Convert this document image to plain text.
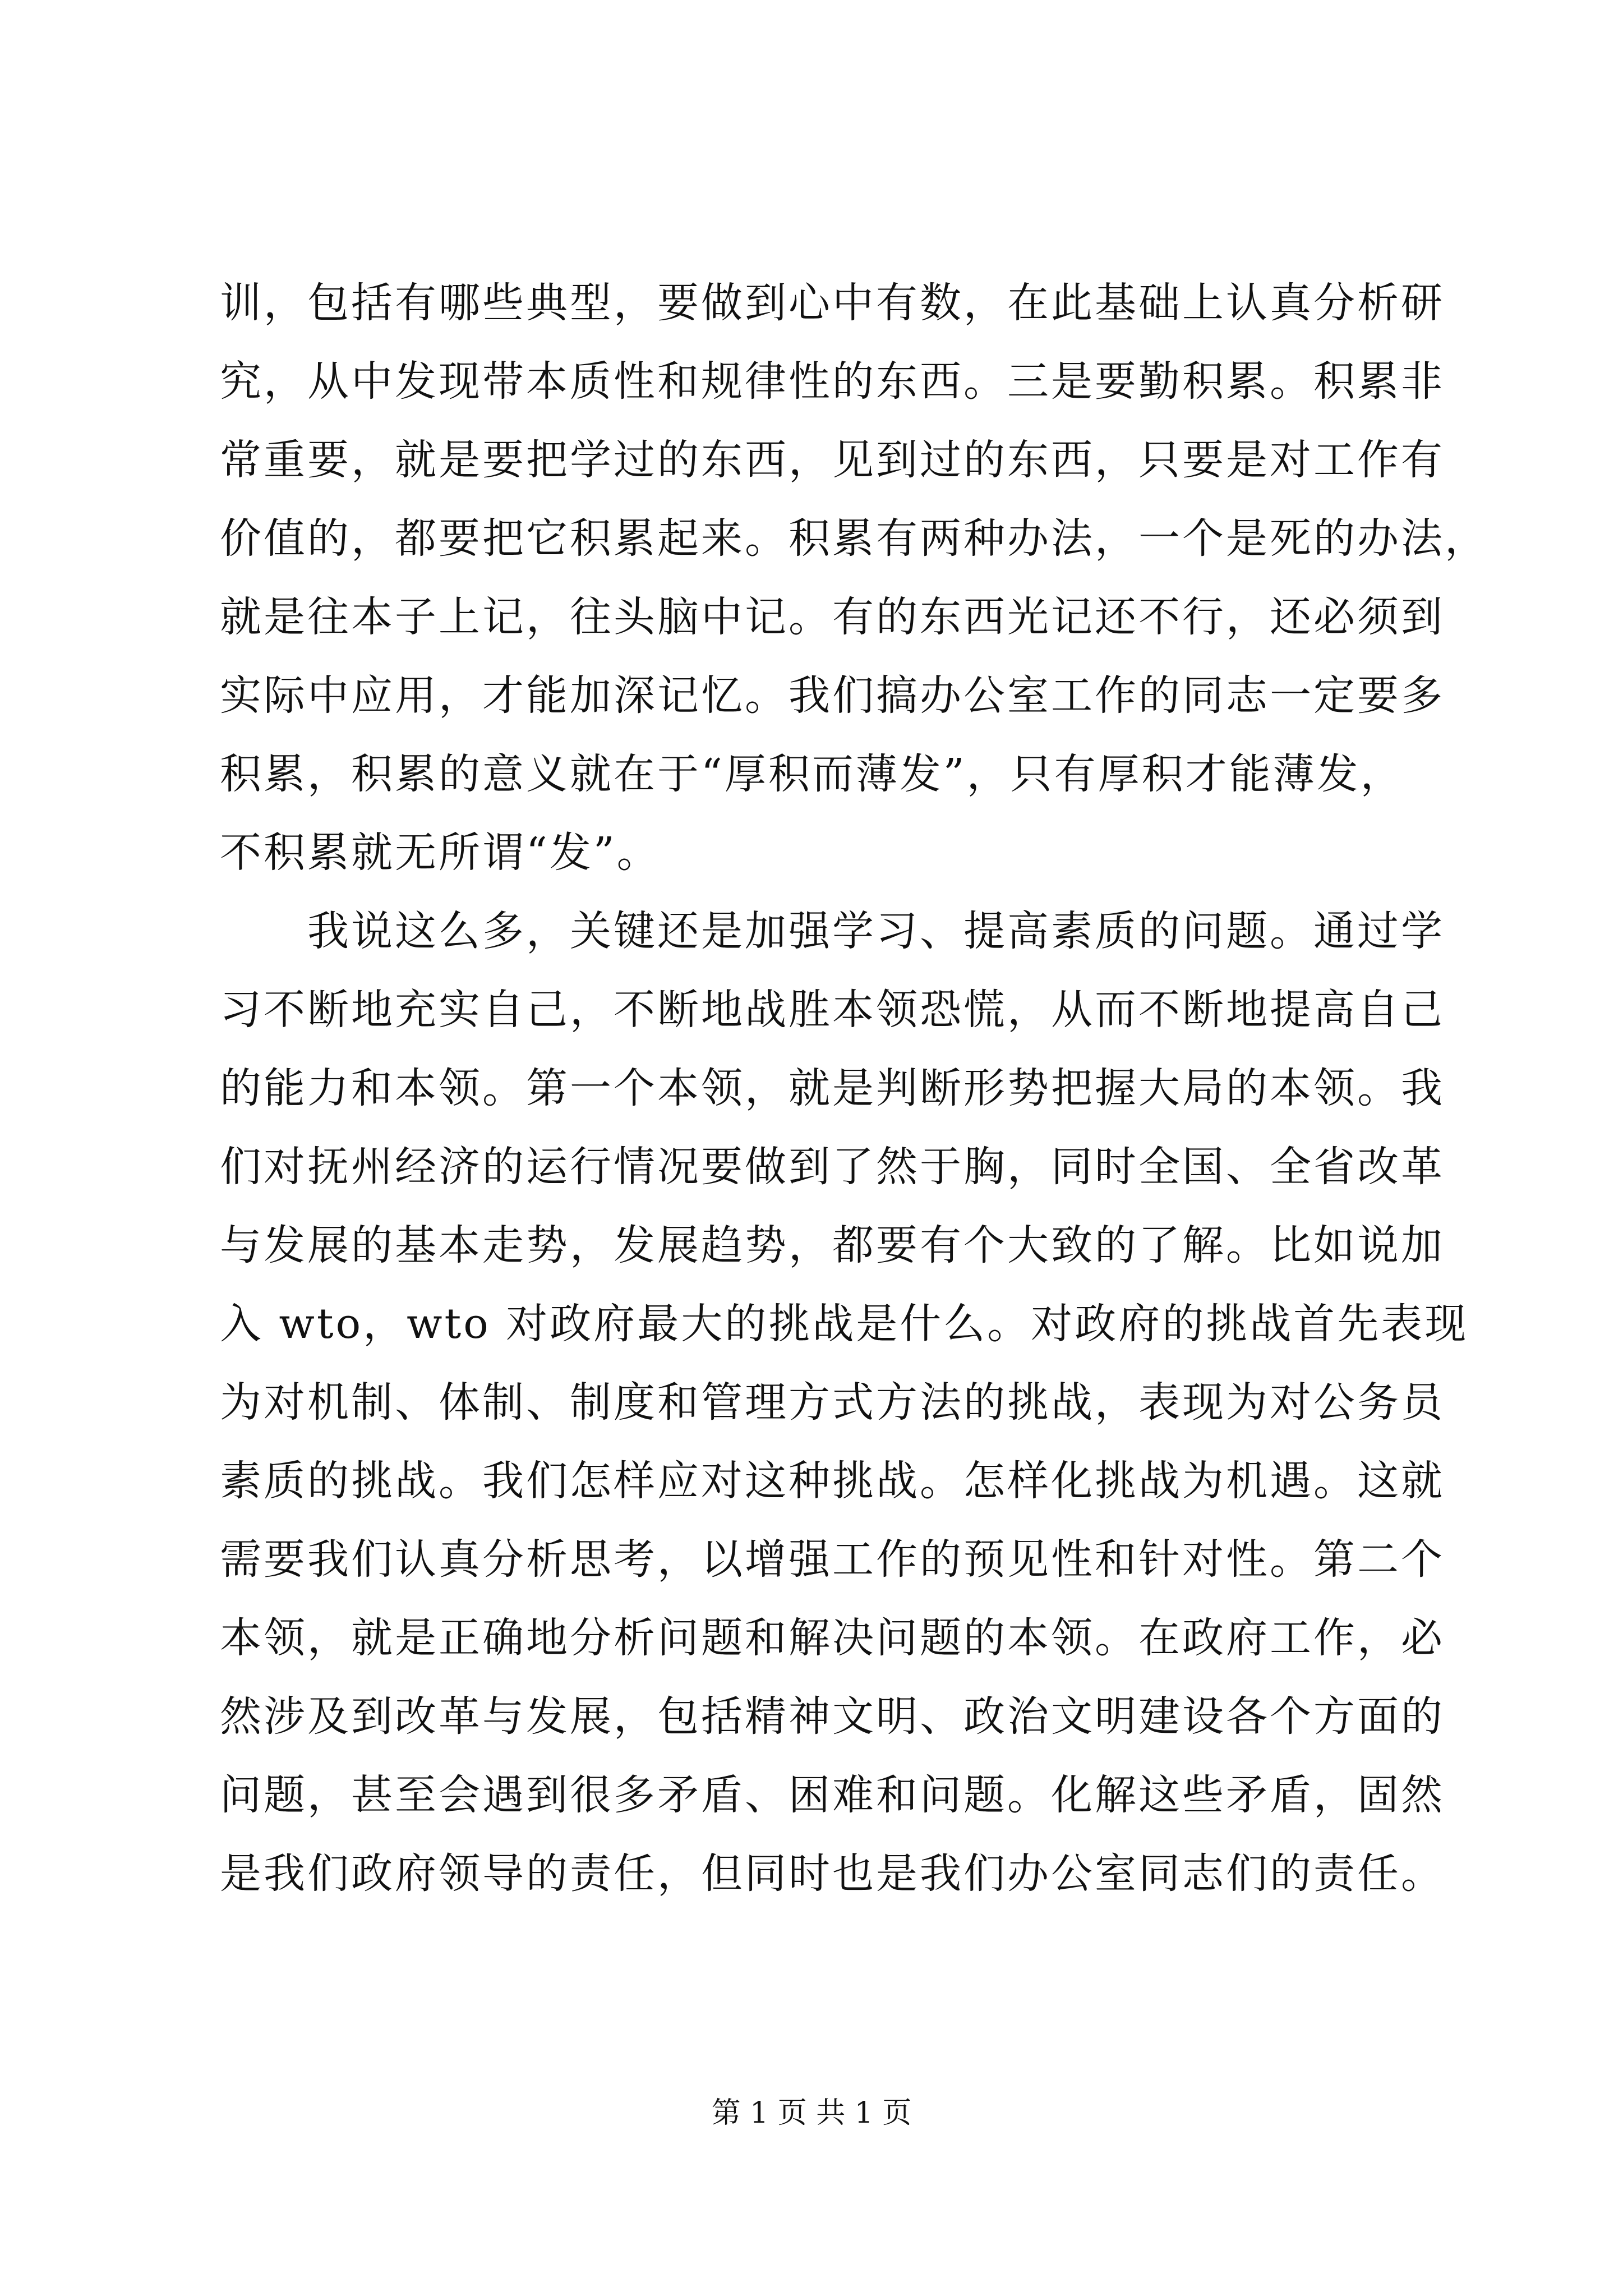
训，包括有哪些典型，要做到心中有数，在此基础上认真分析研
究，从中发现带本质性和规律性的东西。三是要勤积累。积累非
常重要，就是要把学过的东西，见到过的东西，只要是对工作有
价值的，都要把它积累起来。积累有两种办法，一个是死的办法，
就是往本子上记，往头脑中记。有的东西光记还不行，还必须到
实际中应用，才能加深记忆。我们搞办公室工作的同志一定要多
积累，积累的意义就在于“厚积而薄发”，只有厚积才能薄发，
不积累就无所谓“发”。
　　我说这么多，关键还是加强学习、提高素质的问题。通过学
习不断地充实自己，不断地战胜本领恐慌，从而不断地提高自己
的能力和本领。第一个本领，就是判断形势把握大局的本领。我
们对抚州经济的运行情况要做到了然于胸，同时全国、全省改革
与发展的基本走势，发展趋势，都要有个大致的了解。比如说加
入 wto，wto 对政府最大的挑战是什么。对政府的挑战首先表现
为对机制、体制、制度和管理方式方法的挑战，表现为对公务员
素质的挑战。我们怎样应对这种挑战。怎样化挑战为机遇。这就
需要我们认真分析思考，以增强工作的预见性和针对性。第二个
本领，就是正确地分析问题和解决问题的本领。在政府工作，必
然涉及到改革与发展，包括精神文明、政治文明建设各个方面的
问题，甚至会遇到很多矛盾、困难和问题。化解这些矛盾，固然
是我们政府领导的责任，但同时也是我们办公室同志们的责任。
第 1 页 共 1 页
